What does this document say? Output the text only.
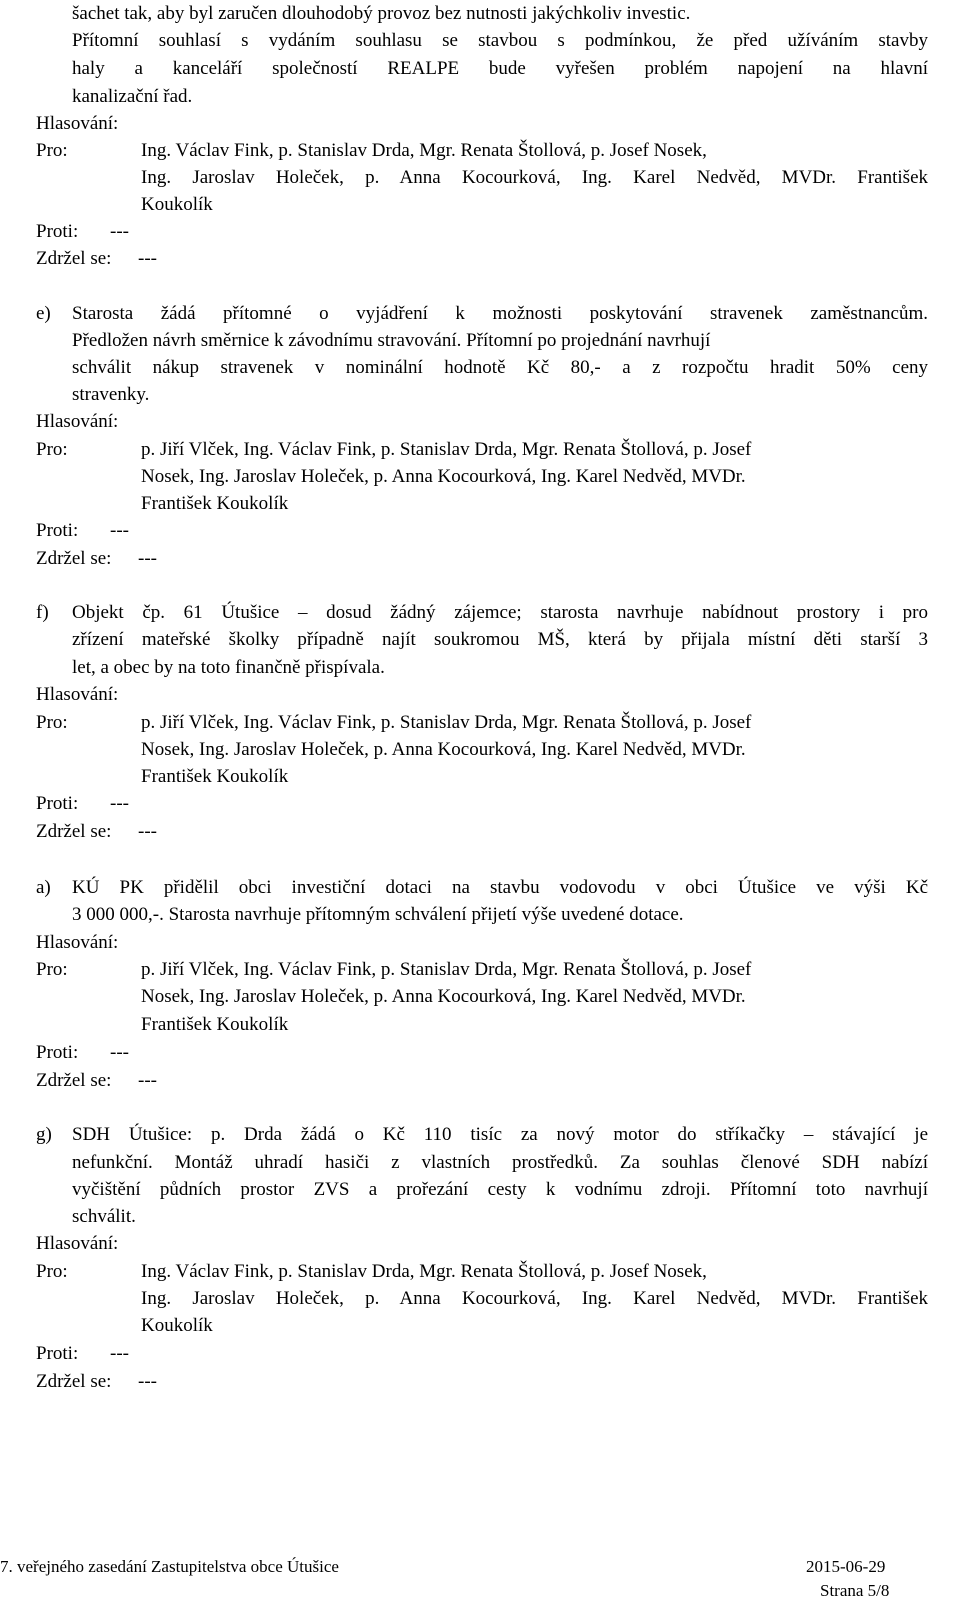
šachet tak, aby byl zaručen dlouhodobý provoz bez nutnosti jakýchkoliv investic.
Přítomní souhlasí s vydáním souhlasu se stavbou s podmínkou, že před užíváním stavby
haly a kanceláří společností REALPE bude vyřešen problém napojení na hlavní
kanalizační řad.
Hlasování:
Pro:	Ing. Václav Fink, p. Stanislav Drda, Mgr. Renata Štollová, p. Josef Nosek,
Ing. Jaroslav Holeček, p. Anna Kocourková, Ing. Karel Nedvěd, MVDr. František
Koukolík
Proti: ---
Zdržel se: ---
e) Starosta žádá přítomné o vyjádření k možnosti poskytování stravenek zaměstnancům.
Předložen návrh směrnice k závodnímu stravování. Přítomní po projednání navrhují
schválit nákup stravenek v nominální hodnotě Kč 80,- a z rozpočtu hradit 50% ceny
stravenky.
Hlasování:
Pro:	p. Jiří Vlček, Ing. Václav Fink, p. Stanislav Drda, Mgr. Renata Štollová, p. Josef
Nosek, Ing. Jaroslav Holeček, p. Anna Kocourková, Ing. Karel Nedvěd, MVDr.
František Koukolík
Proti: ---
Zdržel se: ---
f) Objekt čp. 61 Útušice – dosud žádný zájemce; starosta navrhuje nabídnout prostory i pro
zřízení mateřské školky případně najít soukromou MŠ, která by přijala místní děti starší 3
let, a obec by na toto finančně přispívala.
Hlasování:
Pro:	p. Jiří Vlček, Ing. Václav Fink, p. Stanislav Drda, Mgr. Renata Štollová, p. Josef
Nosek, Ing. Jaroslav Holeček, p. Anna Kocourková, Ing. Karel Nedvěd, MVDr.
František Koukolík
Proti: ---
Zdržel se: ---
a) KÚ PK přidělil obci investiční dotaci na stavbu vodovodu v obci Útušice ve výši Kč
3 000 000,-. Starosta navrhuje přítomným schválení přijetí výše uvedené dotace.
Hlasování:
Pro:	p. Jiří Vlček, Ing. Václav Fink, p. Stanislav Drda, Mgr. Renata Štollová, p. Josef
Nosek, Ing. Jaroslav Holeček, p. Anna Kocourková, Ing. Karel Nedvěd, MVDr.
František Koukolík
Proti: ---
Zdržel se: ---
g) SDH Útušice: p. Drda žádá o Kč 110 tisíc za nový motor do stříkačky – stávající je
nefunkční. Montáž uhradí hasiči z vlastních prostředků. Za souhlas členové SDH nabízí
vyčištění půdních prostor ZVS a prořezání cesty k vodnímu zdroji. Přítomní toto navrhují
schválit.
Hlasování:
Pro:	Ing. Václav Fink, p. Stanislav Drda, Mgr. Renata Štollová, p. Josef Nosek,
Ing. Jaroslav Holeček, p. Anna Kocourková, Ing. Karel Nedvěd, MVDr. František
Koukolík
Proti: ---
Zdržel se: ---
7. veřejného zasedání Zastupitelstva obce Útušice	2015-06-29
Strana 5/8
